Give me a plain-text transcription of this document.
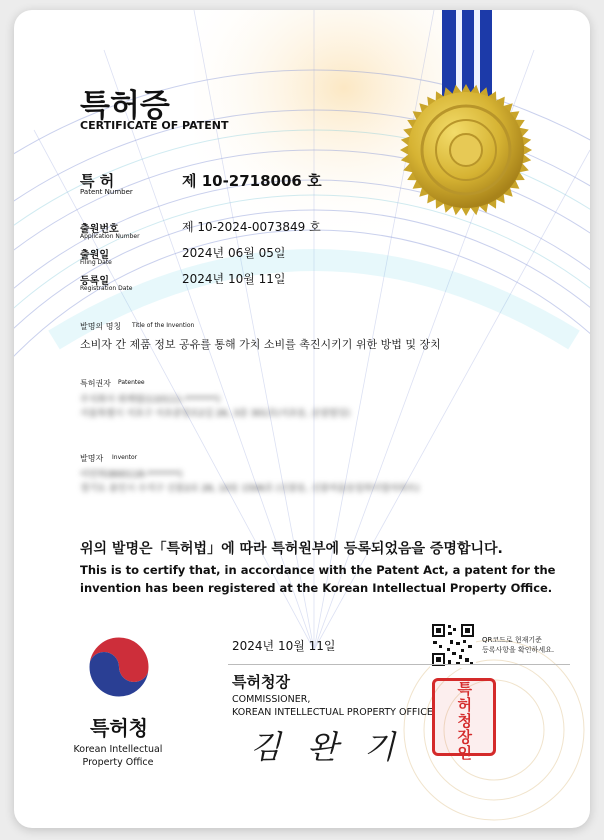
특허증
CERTIFICATE OF PATENT
특 허
Patent Number
제 10-2718006 호
출원번호
Application Number
제 10-2024-0073849 호
출원일
Filing Date
2024년 06월 05일
등록일
Registration Date
2024년 10월 11일
발명의 명칭 Title of the Invention
소비자 간 제품 정보 공유를 통해 가치 소비를 촉진시키기 위한 방법 및 장치
특허권자 Patentee
주식회사 위캐릴(110111-*******)
서울특별시 서초구 서초중앙로2길 26, 3층 301호(서초동, 운암빌딩)
발명자 Inventor
이민하(800118-*******)
경기도 용인시 수지구 신봉2로 26, 10동 1506호 (신봉동, 신봉마을동일하이빌아파트)
위의 발명은「특허법」에 따라 특허원부에 등록되었음을 증명합니다.
This is to certify that, in accordance with the Patent Act, a patent for the
invention has been registered at the Korean Intellectual Property Office.
특허청
Korean Intellectual
Property Office
2024년 10월 11일	QR코드로 현재기준
등록사항을 확인하세요.
특허청장
COMMISSIONER,
KOREAN INTELLECTUAL PROPERTY OFFICE
김 완 기	특허청장인
